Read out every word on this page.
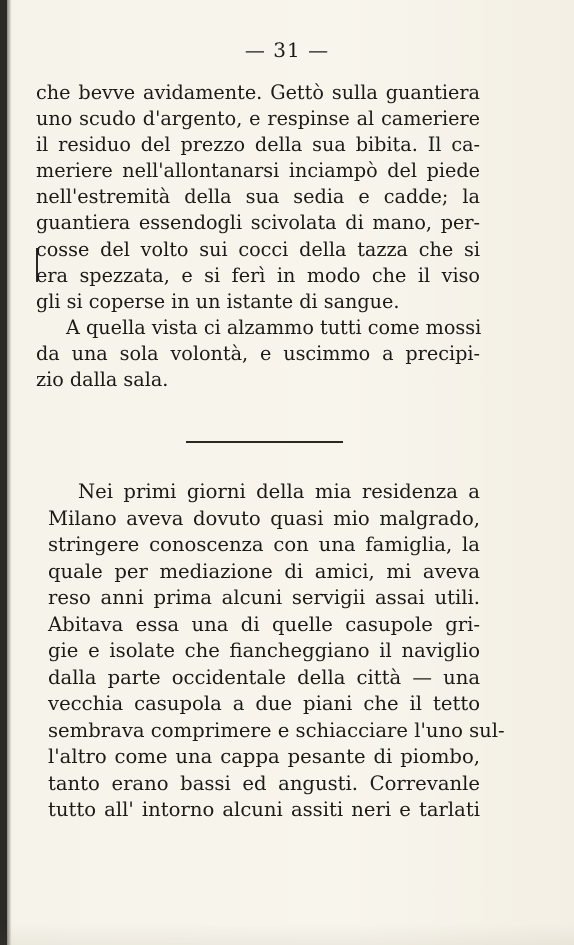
— 31 —
che bevve avidamente. Gettò sulla guantiera
uno scudo d'argento, e respinse al cameriere
il residuo del prezzo della sua bibita. Il ca-
meriere nell'allontanarsi inciampò del piede
nell'estremità della sua sedia e cadde; la
guantiera essendogli scivolata di mano, per-
cosse del volto sui cocci della tazza che si
era spezzata, e si ferì in modo che il viso
gli si coperse in un istante di sangue.
A quella vista ci alzammo tutti come mossi
da una sola volontà, e uscimmo a precipi-
zio dalla sala.
Nei primi giorni della mia residenza a
Milano aveva dovuto quasi mio malgrado,
stringere conoscenza con una famiglia, la
quale per mediazione di amici, mi aveva
reso anni prima alcuni servigii assai utili.
Abitava essa una di quelle casupole gri-
gie e isolate che fiancheggiano il naviglio
dalla parte occidentale della città — una
vecchia casupola a due piani che il tetto
sembrava comprimere e schiacciare l'uno sul-
l'altro come una cappa pesante di piombo,
tanto erano bassi ed angusti. Correvanle
tutto all' intorno alcuni assiti neri e tarlati
